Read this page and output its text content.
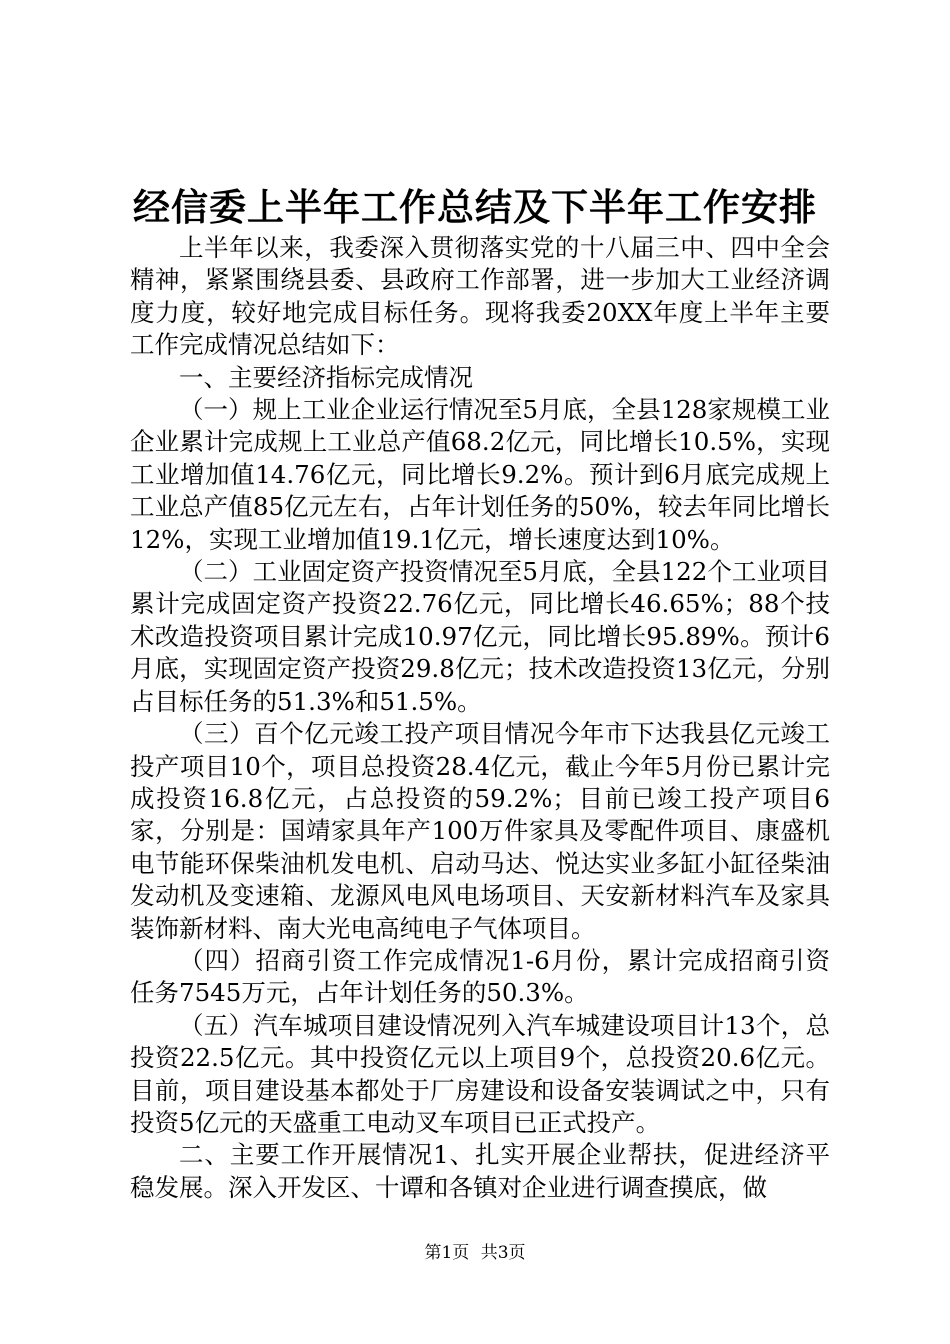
经信委上半年工作总结及下半年工作安排

上半年以来，我委深入贯彻落实党的十八届三中、四中全会精神，紧紧围绕县委、县政府工作部署，进一步加大工业经济调度力度，较好地完成目标任务。现将我委20XX年度上半年主要工作完成情况总结如下：

一、主要经济指标完成情况

（一）规上工业企业运行情况至5月底，全县128家规模工业企业累计完成规上工业总产值68.2亿元，同比增长10.5%，实现工业增加值14.76亿元，同比增长9.2%。预计到6月底完成规上工业总产值85亿元左右，占年计划任务的50%，较去年同比增长12%，实现工业增加值19.1亿元，增长速度达到10%。

（二）工业固定资产投资情况至5月底，全县122个工业项目累计完成固定资产投资22.76亿元，同比增长46.65%；88个技术改造投资项目累计完成10.97亿元，同比增长95.89%。预计6月底，实现固定资产投资29.8亿元；技术改造投资13亿元，分别占目标任务的51.3%和51.5%。

（三）百个亿元竣工投产项目情况今年市下达我县亿元竣工投产项目10个，项目总投资28.4亿元，截止今年5月份已累计完成投资16.8亿元，占总投资的59.2%；目前已竣工投产项目6家，分别是：国靖家具年产100万件家具及零配件项目、康盛机电节能环保柴油机发电机、启动马达、悦达实业多缸小缸径柴油发动机及变速箱、龙源风电风电场项目、天安新材料汽车及家具装饰新材料、南大光电高纯电子气体项目。

（四）招商引资工作完成情况1-6月份，累计完成招商引资任务7545万元，占年计划任务的50.3%。

（五）汽车城项目建设情况列入汽车城建设项目计13个，总投资22.5亿元。其中投资亿元以上项目9个，总投资20.6亿元。目前，项目建设基本都处于厂房建设和设备安装调试之中，只有投资5亿元的天盛重工电动叉车项目已正式投产。

二、主要工作开展情况1、扎实开展企业帮扶，促进经济平稳发展。深入开发区、十谭和各镇对企业进行调查摸底，做

第1页 共3页
